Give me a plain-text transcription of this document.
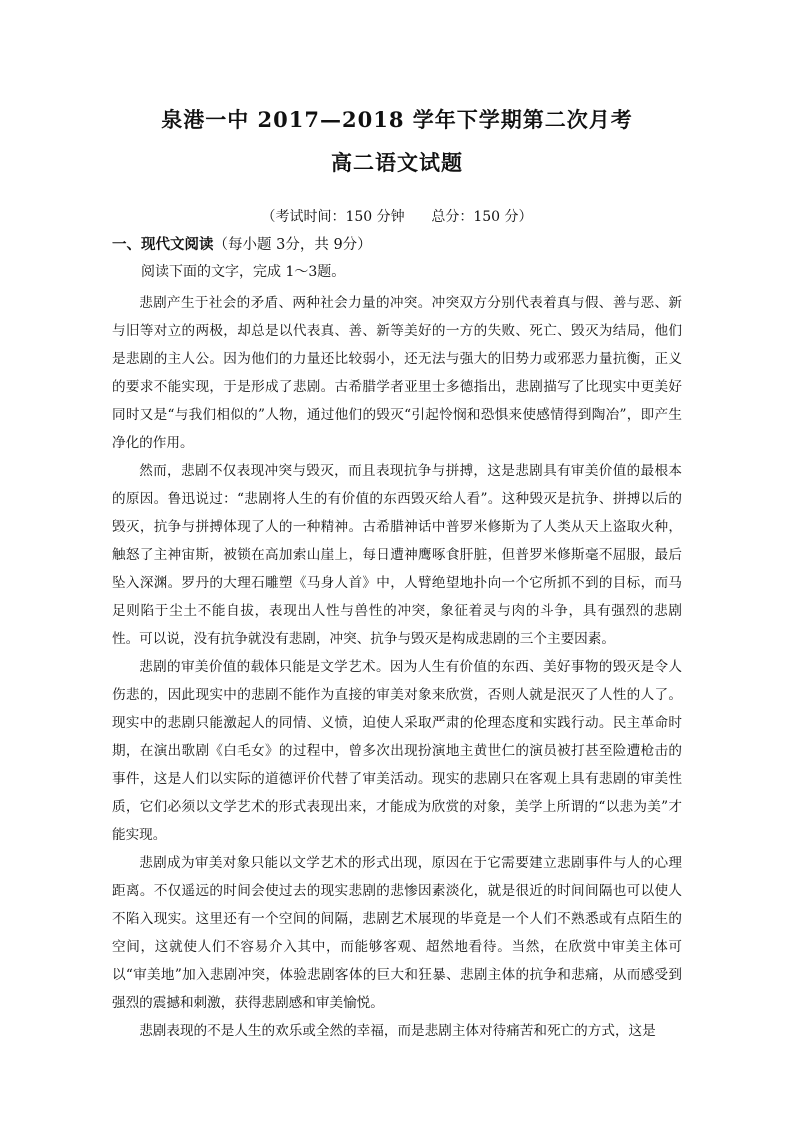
泉港一中 2017—2018 学年下学期第二次月考
高二语文试题
（考试时间：150 分钟      总分：150 分）
一、现代文阅读（每小题 3分，共 9分）
阅读下面的文字，完成 1～3题。

悲剧产生于社会的矛盾、两种社会力量的冲突。冲突双方分别代表着真与假、善与恶、新与旧等对立的两极，却总是以代表真、善、新等美好的一方的失败、死亡、毁灭为结局，他们是悲剧的主人公。因为他们的力量还比较弱小，还无法与强大的旧势力或邪恶力量抗衡，正义的要求不能实现，于是形成了悲剧。古希腊学者亚里士多德指出，悲剧描写了比现实中更美好同时又是“与我们相似的”人物，通过他们的毁灭“引起怜悯和恐惧来使感情得到陶冶”，即产生净化的作用。

然而，悲剧不仅表现冲突与毁灭，而且表现抗争与拼搏，这是悲剧具有审美价值的最根本的原因。鲁迅说过：“悲剧将人生的有价值的东西毁灭给人看”。这种毁灭是抗争、拼搏以后的毁灭，抗争与拼搏体现了人的一种精神。古希腊神话中普罗米修斯为了人类从天上盗取火种，触怒了主神宙斯，被锁在高加索山崖上，每日遭神鹰啄食肝脏，但普罗米修斯毫不屈服，最后坠入深渊。罗丹的大理石雕塑《马身人首》中，人臂绝望地扑向一个它所抓不到的目标，而马足则陷于尘土不能自拔，表现出人性与兽性的冲突，象征着灵与肉的斗争，具有强烈的悲剧性。可以说，没有抗争就没有悲剧，冲突、抗争与毁灭是构成悲剧的三个主要因素。

悲剧的审美价值的载体只能是文学艺术。因为人生有价值的东西、美好事物的毁灭是令人伤悲的，因此现实中的悲剧不能作为直接的审美对象来欣赏，否则人就是泯灭了人性的人了。现实中的悲剧只能激起人的同情、义愤，迫使人采取严肃的伦理态度和实践行动。民主革命时期，在演出歌剧《白毛女》的过程中，曾多次出现扮演地主黄世仁的演员被打甚至险遭枪击的事件，这是人们以实际的道德评价代替了审美活动。现实的悲剧只在客观上具有悲剧的审美性质，它们必须以文学艺术的形式表现出来，才能成为欣赏的对象，美学上所谓的“以悲为美”才能实现。

悲剧成为审美对象只能以文学艺术的形式出现，原因在于它需要建立悲剧事件与人的心理距离。不仅遥远的时间会使过去的现实悲剧的悲惨因素淡化，就是很近的时间间隔也可以使人不陷入现实。这里还有一个空间的间隔，悲剧艺术展现的毕竟是一个人们不熟悉或有点陌生的空间，这就使人们不容易介入其中，而能够客观、超然地看待。当然，在欣赏中审美主体可以“审美地”加入悲剧冲突，体验悲剧客体的巨大和狂暴、悲剧主体的抗争和悲痛，从而感受到强烈的震撼和刺激，获得悲剧感和审美愉悦。

悲剧表现的不是人生的欢乐或全然的幸福，而是悲剧主体对待痛苦和死亡的方式，这是
